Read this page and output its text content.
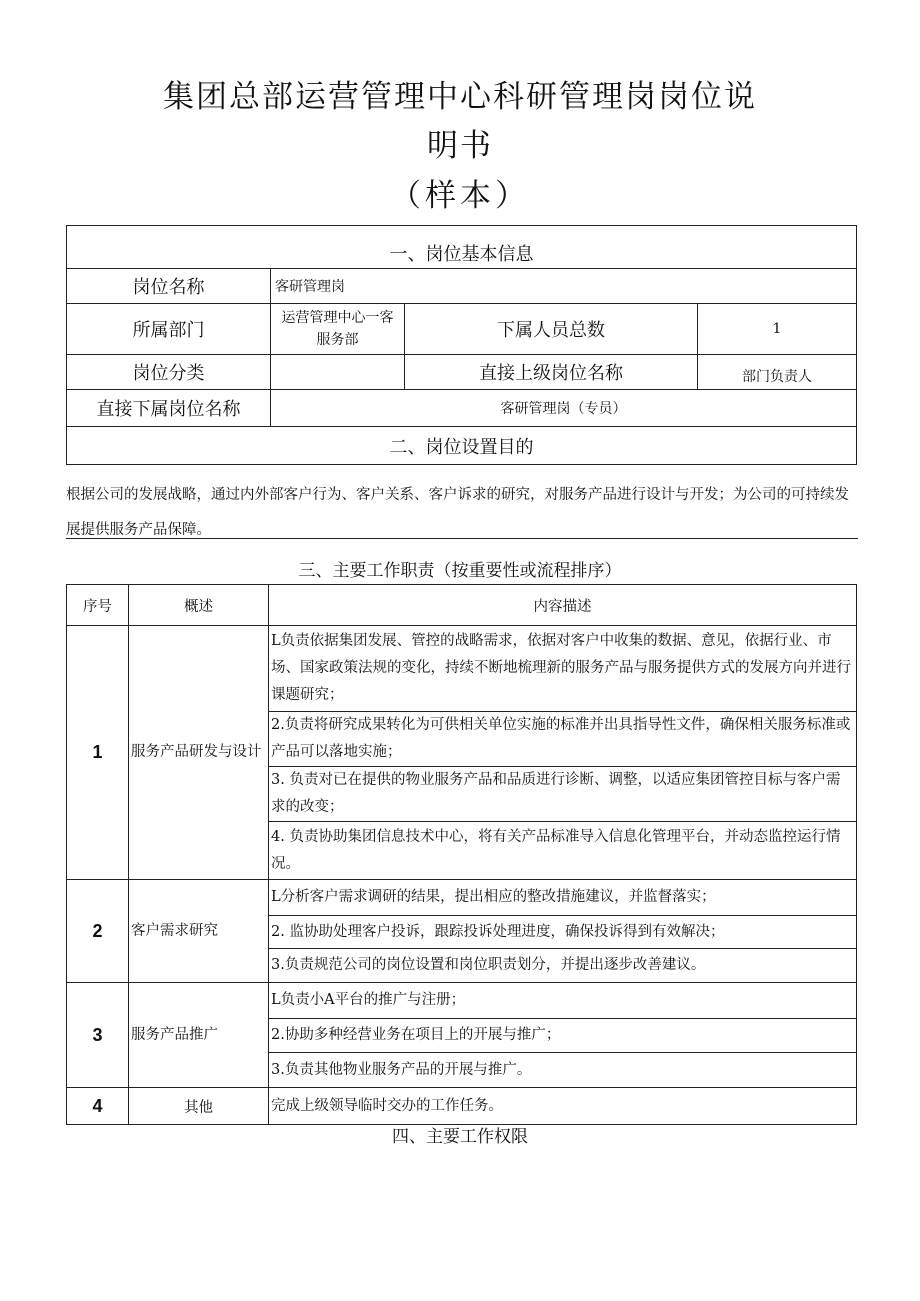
集团总部运营管理中心科研管理岗岗位说
明书
（样本）
一、岗位基本信息			
岗位名称	客研管理岗		
所属部门	运营管理中心一客服务部	下属人员总数	1
岗位分类		直接上级岗位名称	部门负责人
直接下属岗位名称	客研管理岗（专员）		
二、岗位设置目的			
根据公司的发展战略，通过内外部客户行为、客户关系、客户诉求的研究，对服务产品进行设计与开发；为公司的可持续发展提供服务产品保障。
三、主要工作职责（按重要性或流程排序）
序号	概述	内容描述
1	服务产品研发与设计	L负责依据集团发展、管控的战略需求，依据对客户中收集的数据、意见，依据行业、市场、国家政策法规的变化，持续不断地梳理新的服务产品与服务提供方式的发展方向并进行课题研究；
		2.负责将研究成果转化为可供相关单位实施的标准并出具指导性文件，确保相关服务标准或产品可以落地实施；
		3. 负责对已在提供的物业服务产品和品质进行诊断、调整，以适应集团管控目标与客户需求的改变；
		4. 负责协助集团信息技术中心，将有关产品标准导入信息化管理平台，并动态监控运行情况。
2	客户需求研究	L分析客户需求调研的结果，提出相应的整改措施建议，并监督落实；
		2. 监协助处理客户投诉，跟踪投诉处理进度，确保投诉得到有效解决；
		3.负责规范公司的岗位设置和岗位职责划分，并提出逐步改善建议。
3	服务产品推广	L负责小A平台的推广与注册；
		2.协助多种经营业务在项目上的开展与推广；
		3.负责其他物业服务产品的开展与推广。
4	其他	完成上级领导临时交办的工作任务。
四、主要工作权限
